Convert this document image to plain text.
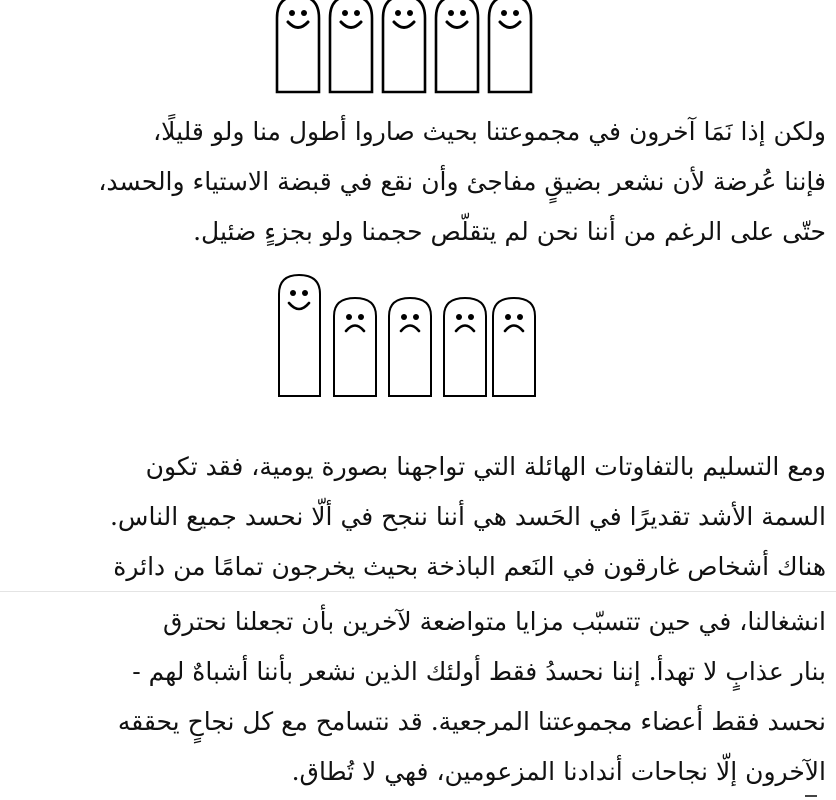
ولكن إذا نَمَا آخرون في مجموعتنا بحيث صاروا أطول منا ولو قليلًا،
فإننا عُرضة لأن نشعر بضيقٍ مفاجئ وأن نقع في قبضة الاستياء والحسد،
حتّى على الرغم من أننا نحن لم يتقلّص حجمنا ولو بجزءٍ ضئيل.
ومع التسليم بالتفاوتات الهائلة التي تواجهنا بصورة يومية، فقد تكون
السمة الأشد تقديرًا في الحَسد هي أننا ننجح في ألّا نحسد جميع الناس.
هناك أشخاص غارقون في النَعم الباذخة بحيث يخرجون تمامًا من دائرة
انشغالنا، في حين تتسبّب مزايا متواضعة لآخرين بأن تجعلنا نحترق
بنار عذابٍ لا تهدأ. إننا نحسدُ فقط أولئك الذين نشعر بأننا أشباهٌ لهم -
نحسد فقط أعضاء مجموعتنا المرجعية. قد نتسامح مع كل نجاحٍ يحققه
الآخرون إلّا نجاحات أندادنا المزعومين، فهي لا تُطاق.
